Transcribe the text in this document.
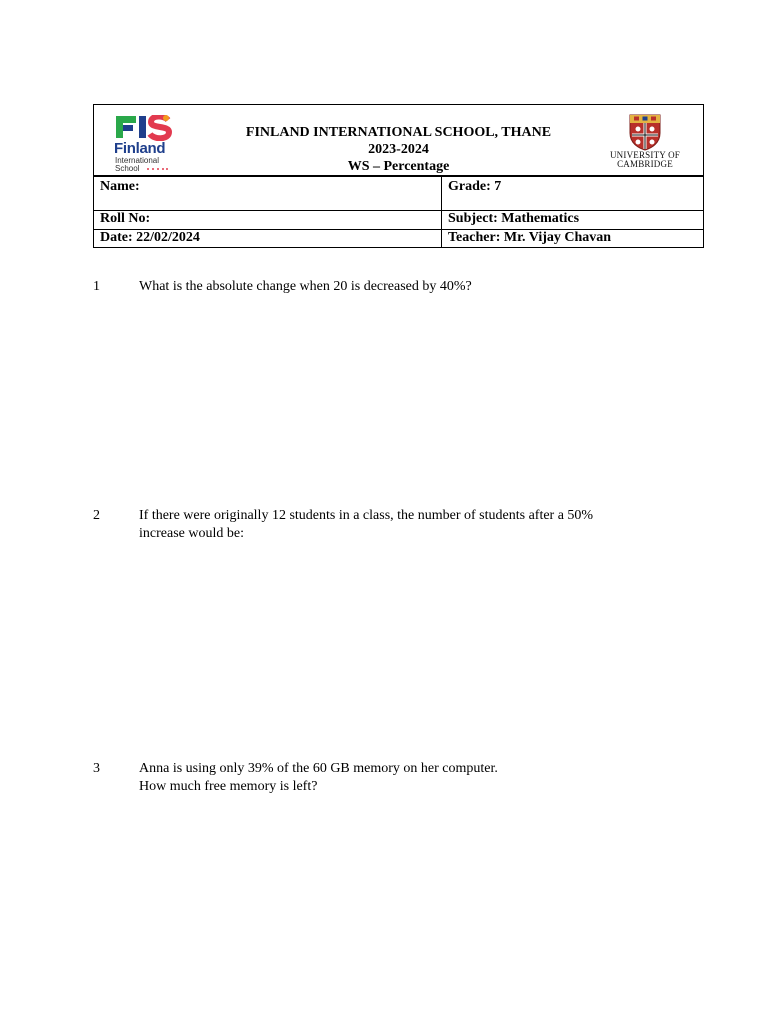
Finland
International
School
FINLAND INTERNATIONAL SCHOOL, THANE
2023-2024
WS – Percentage
UNIVERSITY OF
CAMBRIDGE
Name:	Grade: 7
Roll No:	Subject: Mathematics
Date: 22/02/2024	Teacher: Mr. Vijay Chavan
1	What is the absolute change when 20 is decreased by 40%?
2	If there were originally 12 students in a class, the number of students after a 50%
increase would be:
3	Anna is using only 39% of the 60 GB memory on her computer.
How much free memory is left?
